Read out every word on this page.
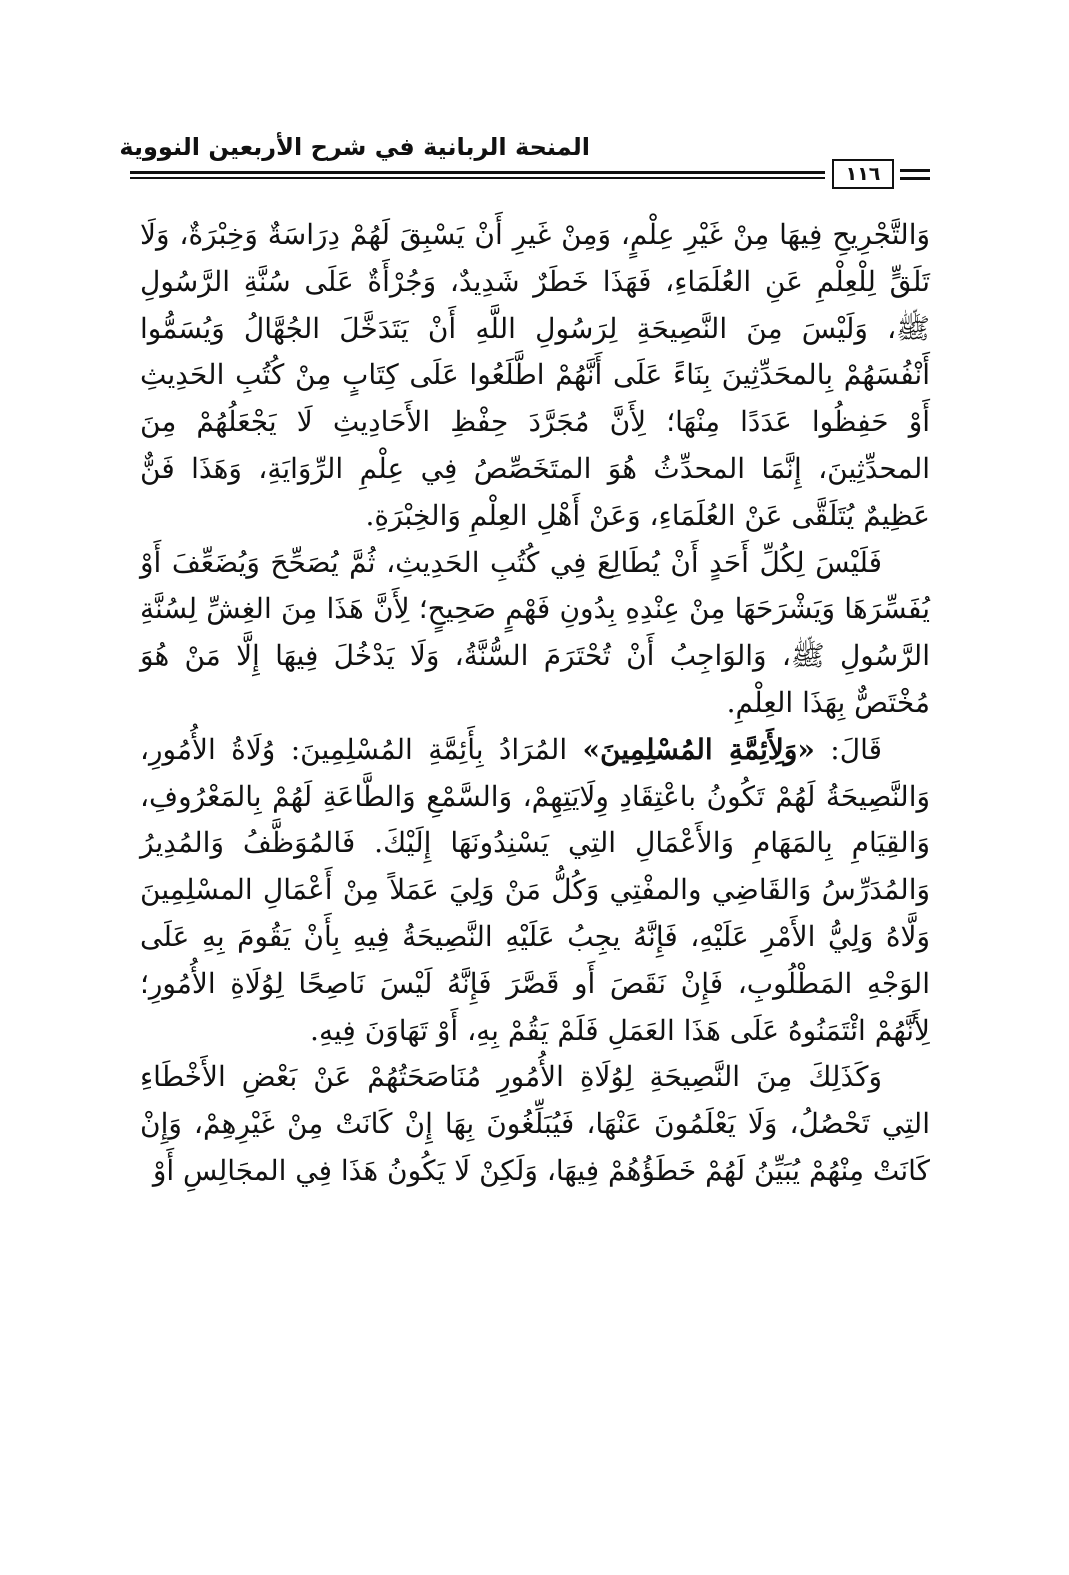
المنحة الربانية في شرح الأربعين النووية
١١٦

وَالتَّجْرِيحِ فِيهَا مِنْ غَيْرِ عِلْمٍ، وَمِنْ غَيرِ أَنْ يَسْبِقَ لَهُمْ دِرَاسَةٌ وَخِبْرَةٌ، وَلَا تَلَقٍّ لِلْعِلْمِ عَنِ العُلَمَاءِ، فَهَذَا خَطَرٌ شَدِيدٌ، وَجُرْأَةٌ عَلَى سُنَّةِ الرَّسُولِ ﷺ، وَلَيْسَ مِنَ النَّصِيحَةِ لِرَسُولِ اللَّهِ أَنْ يَتَدَخَّلَ الجُهَّالُ وَيُسَمُّوا أَنْفُسَهُمْ بِالمحَدِّثِينَ بِنَاءً عَلَى أَنَّهُمْ اطَّلَعُوا عَلَى كِتَابٍ مِنْ كُتُبِ الحَدِيثِ أَوْ حَفِظُوا عَدَدًا مِنْهَا؛ لِأَنَّ مُجَرَّدَ حِفْظِ الأَحَادِيثِ لَا يَجْعَلُهُمْ مِنَ المحدِّثِينَ، إِنَّمَا المحدِّثُ هُوَ المتَخَصِّصُ فِي عِلْمِ الرِّوَايَةِ، وَهَذَا فَنٌّ عَظِيمٌ يُتَلَقَّى عَنْ العُلَمَاءِ، وَعَنْ أَهْلِ العِلْمِ وَالخِبْرَةِ.

فَلَيْسَ لِكُلِّ أَحَدٍ أَنْ يُطَالِعَ فِي كُتُبِ الحَدِيثِ، ثُمَّ يُصَحِّحَ وَيُضَعِّفَ أَوْ يُفَسِّرَهَا وَيَشْرَحَهَا مِنْ عِنْدِهِ بِدُونِ فَهْمٍ صَحِيحٍ؛ لِأَنَّ هَذَا مِنَ الغِشِّ لِسُنَّةِ الرَّسُولِ ﷺ، وَالوَاجِبُ أَنْ تُحْتَرَمَ السُّنَّةُ، وَلَا يَدْخُلَ فِيهَا إِلَّا مَنْ هُوَ مُخْتَصٌّ بِهَذَا العِلْمِ.

قَالَ: «وَلِأَئِمَّةِ المُسْلِمِينَ» المُرَادُ بِأَئِمَّةِ المُسْلِمِينَ: وُلَاةُ الأُمُورِ، وَالنَّصِيحَةُ لَهُمْ تَكُونُ باعْتِقَادِ وِلَايَتِهِمْ، وَالسَّمْعِ وَالطَّاعَةِ لَهُمْ بِالمَعْرُوفِ، وَالقِيَامِ بِالمَهَامِ وَالأَعْمَالِ التِي يَسْنِدُونَهَا إِلَيْكَ. فَالمُوَظَّفُ وَالمُدِيرُ وَالمُدَرِّسُ وَالقَاضِي والمفْتِي وَكُلُّ مَنْ وَلِيَ عَمَلاً مِنْ أَعْمَالِ المسْلِمِينَ وَلَّاهُ وَلِيُّ الأَمْرِ عَلَيْهِ، فَإِنَّهُ يجِبُ عَلَيْهِ النَّصِيحَةُ فِيهِ بِأَنْ يَقُومَ بِهِ عَلَى الوَجْهِ المَطْلُوبِ، فَإِنْ نَقَصَ أَو قَصَّرَ فَإِنَّهُ لَيْسَ نَاصِحًا لِوُلَاةِ الأُمُورِ؛ لِأَنَّهُمْ ائْتَمَنُوهُ عَلَى هَذَا العَمَلِ فَلَمْ يَقُمْ بِهِ، أَوْ تَهَاوَنَ فِيهِ.

وَكَذَلِكَ مِنَ النَّصِيحَةِ لِوُلَاةِ الأُمُورِ مُنَاصَحَتُهُمْ عَنْ بَعْضِ الأَخْطَاءِ التِي تَحْصُلُ، وَلَا يَعْلَمُونَ عَنْهَا، فَيُبَلِّغُونَ بِهَا إِنْ كَانَتْ مِنْ غَيْرِهِمْ، وَإِنْ كَانَتْ مِنْهُمْ يُبَيِّنُ لَهُمْ خَطَؤُهُمْ فِيهَا، وَلَكِنْ لَا يَكُونُ هَذَا فِي المجَالِسِ أَوْ
